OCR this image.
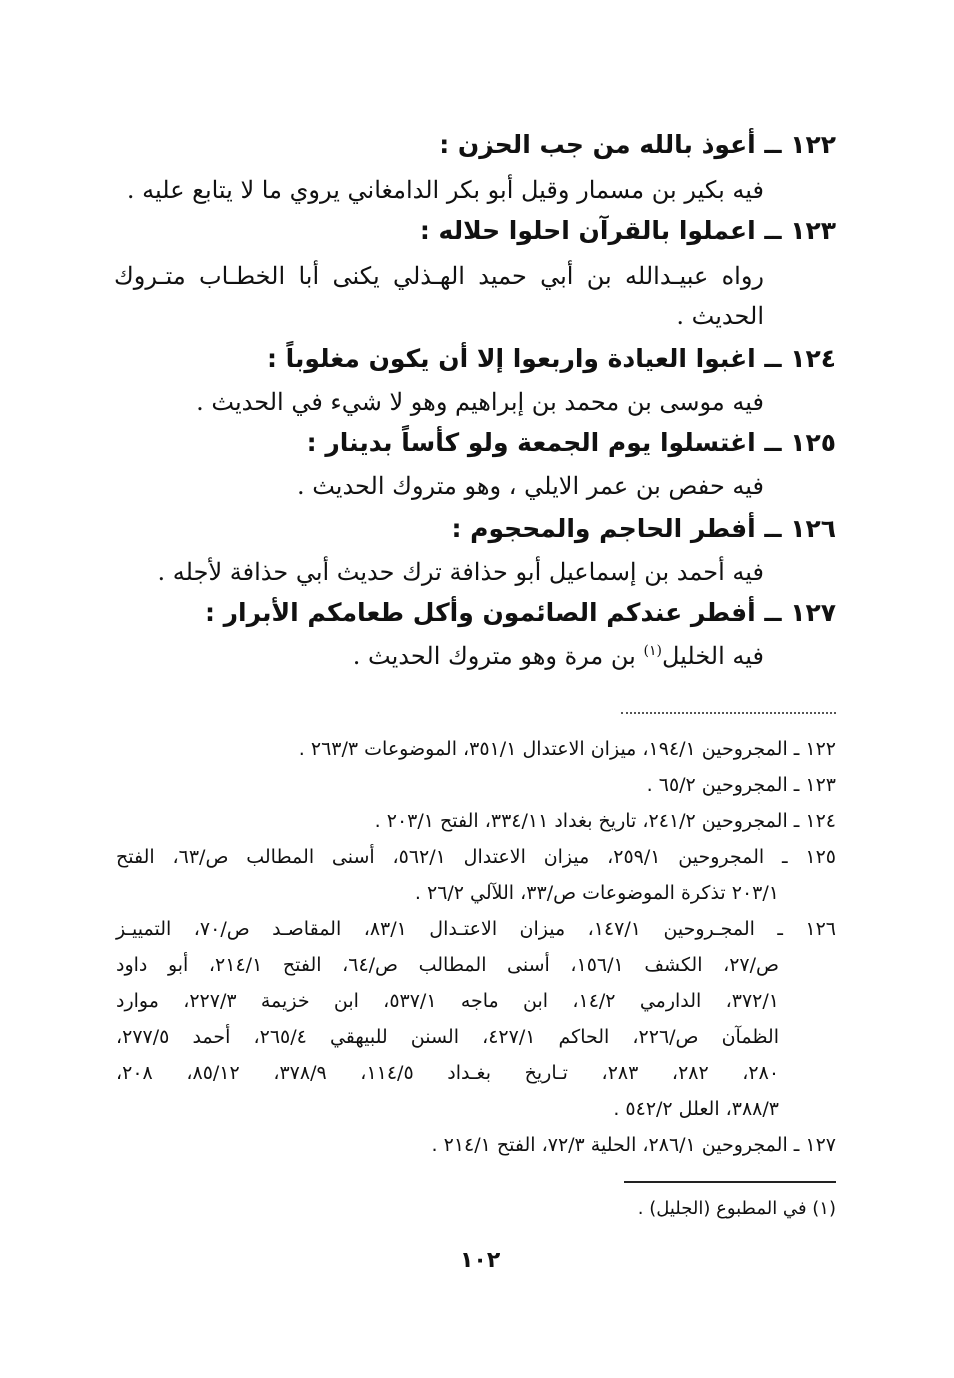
١٢٢ ــ أعوذ بالله من جب الحزن :
فيه بكير بن مسمار وقيل أبو بكر الدامغاني يروي ما لا يتابع عليه .
١٢٣ ــ اعملوا بالقرآن احلوا حلاله :
رواه عبيـدالله بن أبي حميد الهـذلي يكنى أبا الخطـاب متـروك
الحديث .
١٢٤ ــ اغبوا العيادة واربعوا إلا أن يكون مغلوباً :
فيه موسى بن محمد بن إبراهيم وهو لا شيء في الحديث .
١٢٥ ــ اغتسلوا يوم الجمعة ولو كأساً بدينار :
فيه حفص بن عمر الايلي ، وهو متروك الحديث .
١٢٦ ــ أفطر الحاجم والمحجوم :
فيه أحمد بن إسماعيل أبو حذافة ترك حديث أبي حذافة لأجله .
١٢٧ ــ أفطر عندكم الصائمون وأكل طعامكم الأبرار :
فيه الخليل$^{(١)}$ بن مرة وهو متروك الحديث .
١٢٢ ـ المجروحين ١٩٤/١، ميزان الاعتدال ٣٥١/١، الموضوعات ٢٦٣/٣ .
١٢٣ ـ المجروحين ٦٥/٢ .
١٢٤ ـ المجروحين ٢٤١/٢، تاريخ بغداد ٣٣٤/١١، الفتح ٢٠٣/١ .
١٢٥ ـ المجروحين ٢٥٩/١، ميزان الاعتدال ٥٦٢/١، أسنى المطالب ص/٦٣، الفتح
٢٠٣/١ تذكرة الموضوعات ص/٣٣، اللآلي ٢٦/٢ .
١٢٦ ـ المجـروحين ١٤٧/١، ميزان الاعتـدال ٨٣/١، المقاصـد ص/٧٠، التمييـز
ص/٢٧، الكشف ١٥٦/١، أسنى المطالب ص/٦٤، الفتح ٢١٤/١، أبو داود
٣٧٢/١، الدارمي ١٤/٢، ابن ماجه ٥٣٧/١، ابن خزيمة ٢٢٧/٣، موارد
الظمآن ص/٢٢٦، الحاكم ٤٢٧/١، السنن للبيهقي ٢٦٥/٤، أحمد ٢٧٧/٥،
٢٨٠، ٢٨٢، ٢٨٣، تـاريخ بغـداد ١١٤/٥، ٣٧٨/٩، ٨٥/١٢، ٢٠٨،
٣٨٨/٣، العلل ٥٤٢/٢ .
١٢٧ ـ المجروحين ٢٨٦/١، الحلية ٧٢/٣، الفتح ٢١٤/١ .
(١) في المطبوع (الجليل) .
١٠٢
